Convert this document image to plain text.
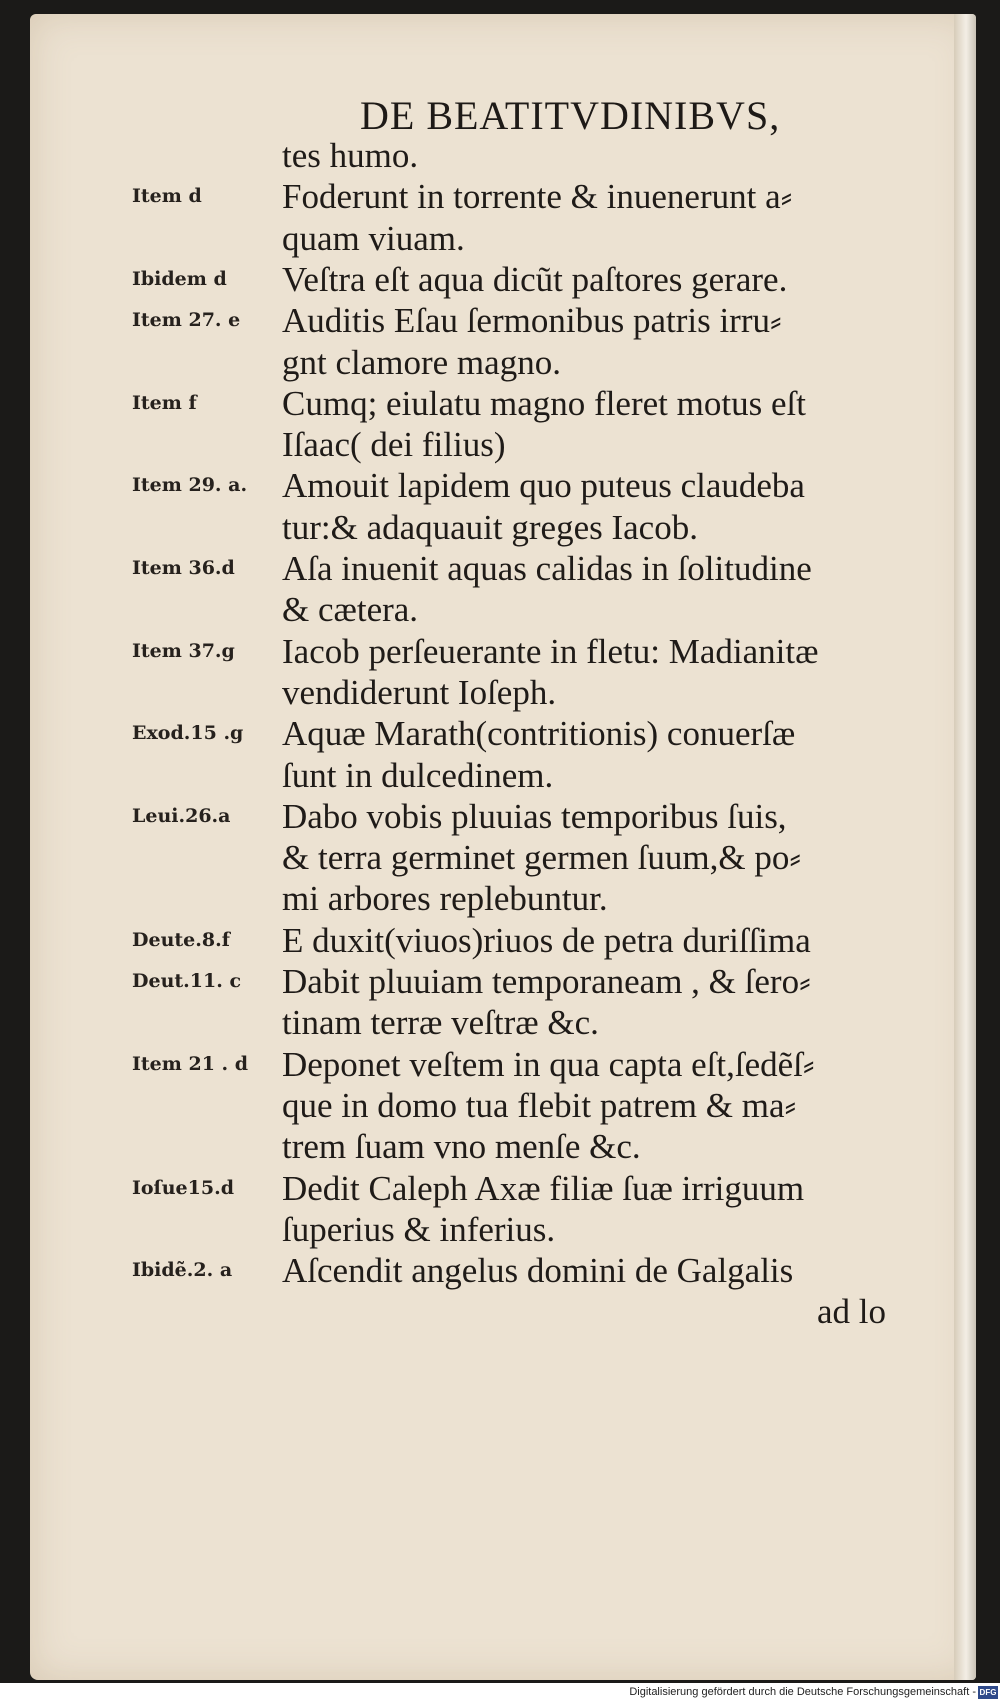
DE BEATITVDINIBVS,
tes humo.
Item d Foderunt in torrente & inuenerunt a⸗
quam viuam.
Ibidem d Veſtra eſt aqua dicũt paſtores gerare.
Item 27. e Auditis Eſau ſermonibus patris irru⸗
gnt clamore magno.
Item f Cumq; eiulatu magno fleret motus eſt
Iſaac( dei filius)
Item 29. a. Amouit lapidem quo puteus claudeba
tur:& adaquauit greges Iacob.
Item 36.d Aſa inuenit aquas calidas in ſolitudine
& cætera.
Item 37.g Iacob perſeuerante in fletu: Madianitæ
vendiderunt Ioſeph.
Exod.15 .g Aquæ Marath(contritionis) conuerſæ
ſunt in dulcedinem.
Leui.26.a Dabo vobis pluuias temporibus ſuis,
& terra germinet germen ſuum,& po⸗
mi arbores replebuntur.
Deute.8.f E duxit(viuos)riuos de petra duriſſima
Deut.11. c Dabit pluuiam temporaneam , & ſero⸗
tinam terræ veſtræ &c.
Item 21 . d Deponet veſtem in qua capta eſt,ſedẽſ⸗
que in domo tua flebit patrem & ma⸗
trem ſuam vno menſe &c.
Ioſue15.d Dedit Caleph Axæ filiæ ſuæ irriguum
ſuperius & inferius.
Ibidẽ.2. a Aſcendit angelus domini de Galgalis
ad lo
Digitalisierung gefördert durch die Deutsche Forschungsgemeinschaft - DFG
